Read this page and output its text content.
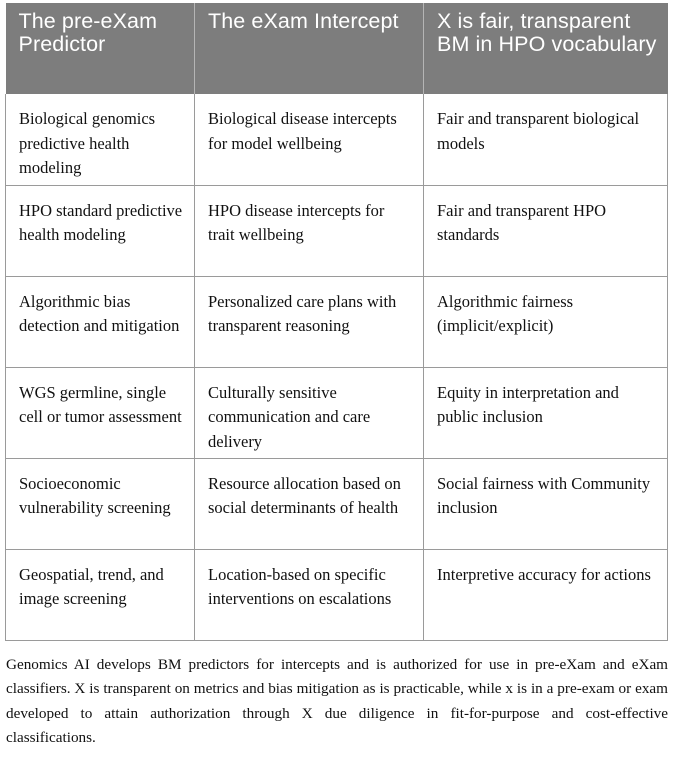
The pre-eXam Predictor	The eXam Intercept	X is fair, transparent BM in HPO vocabulary
Biological genomics predictive health modeling	Biological disease intercepts for model wellbeing	Fair and transparent biological models
HPO standard predictive health modeling	HPO disease intercepts for trait wellbeing	Fair and transparent HPO standards
Algorithmic bias detection and mitigation	Personalized care plans with transparent reasoning	Algorithmic fairness (implicit/explicit)
WGS germline, single cell or tumor assessment	Culturally sensitive communication and care delivery	Equity in interpretation and public inclusion
Socioeconomic vulnerability screening	Resource allocation based on social determinants of health	Social fairness with Community inclusion
Geospatial, trend, and image screening	Location-based on specific interventions on escalations	Interpretive accuracy for actions

Genomics AI develops BM predictors for intercepts and is authorized for use in pre-eXam and eXam classifiers. X is transparent on metrics and bias mitigation as is practicable, while x is in a pre-exam or exam developed to attain authorization through X due diligence in fit-for-purpose and cost-effective classifications.
